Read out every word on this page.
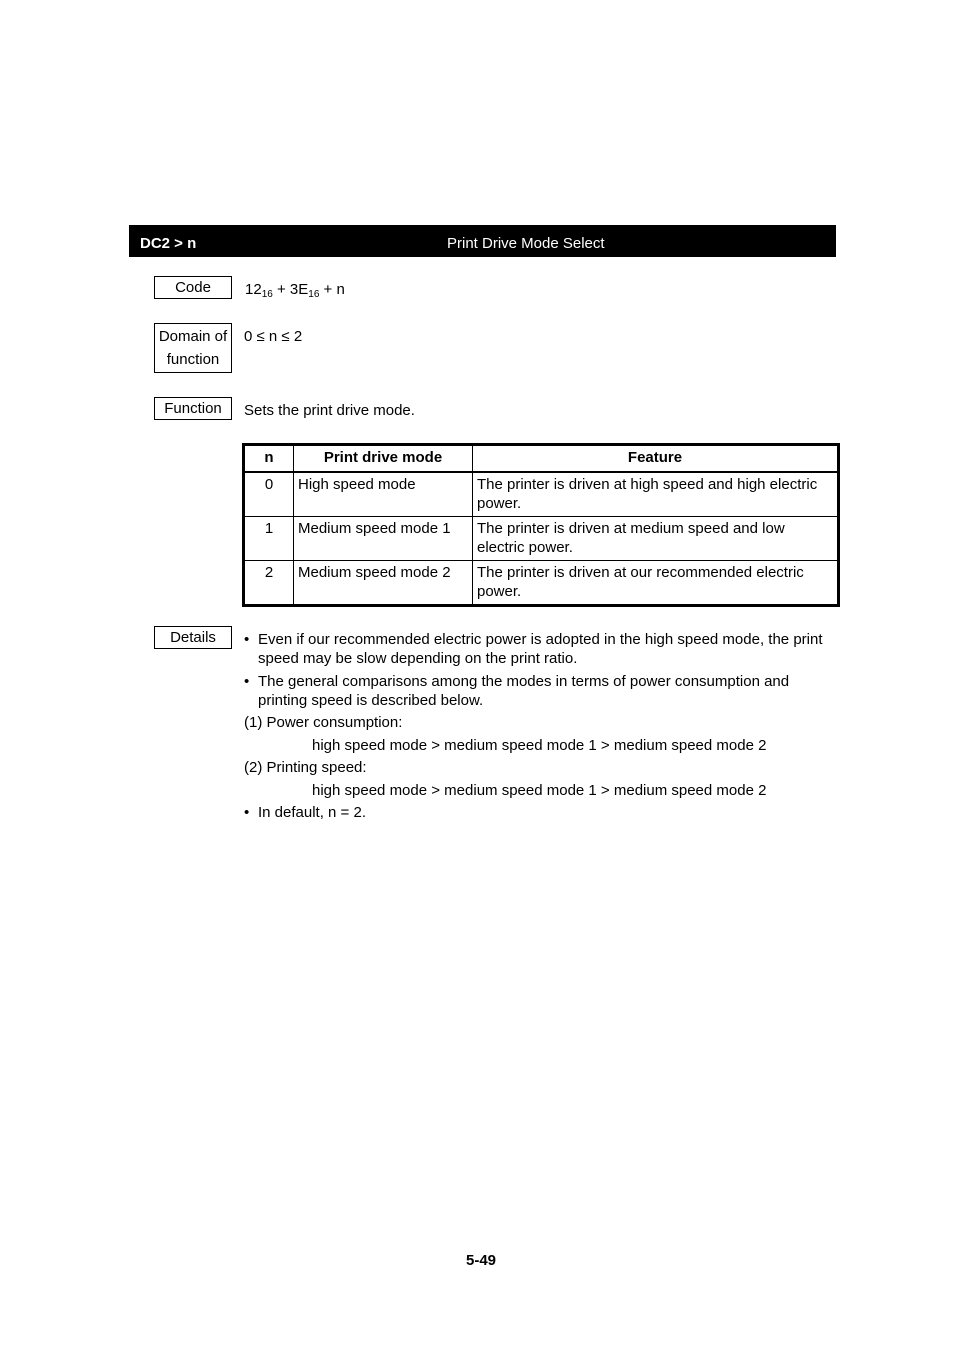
DC2 > n	Print Drive Mode Select
Code	$12_{16} + 3E_{16} + n$
Domain of
function
0 ≤ n ≤ 2
Function	Sets the print drive mode.
n	Print drive mode	Feature
0	High speed mode	The printer is driven at high speed and high electric power.
1	Medium speed mode 1	The printer is driven at medium speed and low electric power.
2	Medium speed mode 2	The printer is driven at our recommended electric power.
Details	• Even if our recommended electric power is adopted in the high speed mode, the print speed may be slow depending on the print ratio.
• The general comparisons among the modes in terms of power consumption and printing speed is described below.
(1) Power consumption:
high speed mode > medium speed mode 1 > medium speed mode 2
(2) Printing speed:
high speed mode > medium speed mode 1 > medium speed mode 2
• In default, n = 2.
5-49
